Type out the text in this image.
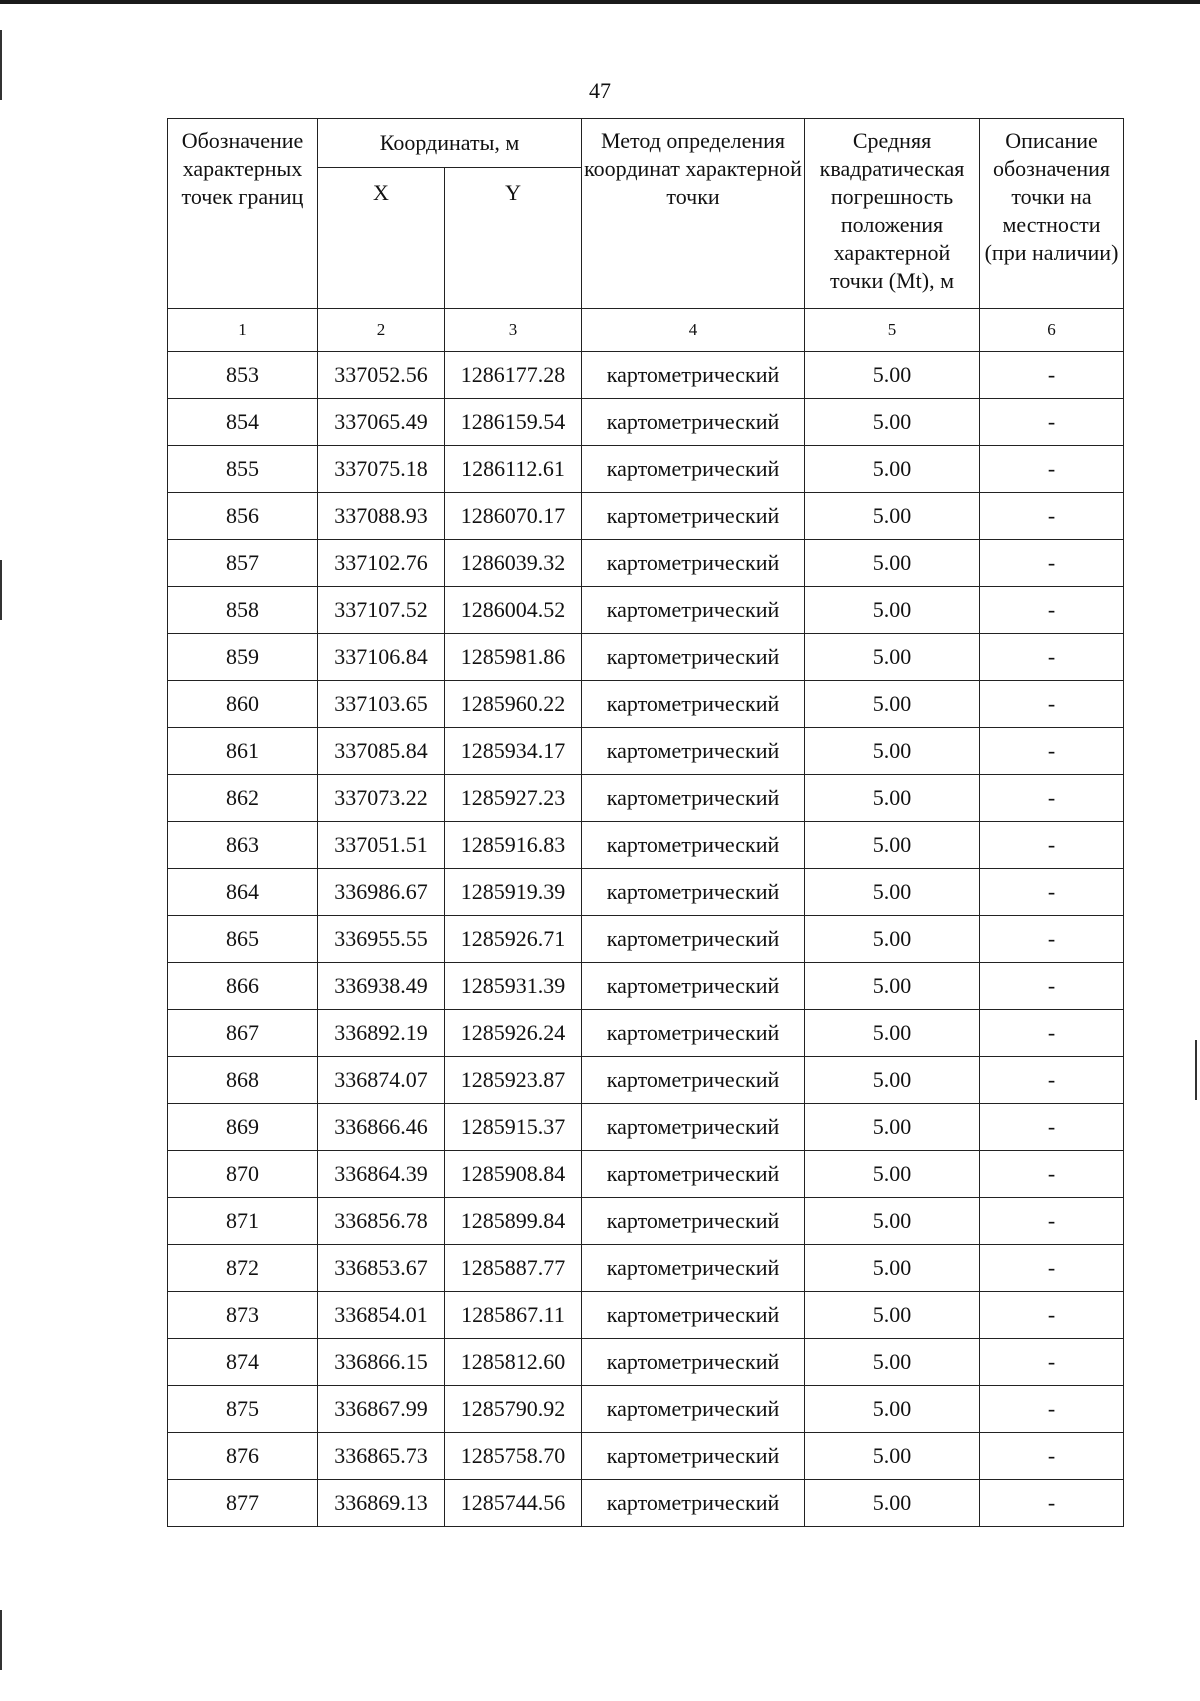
47
Обозначение характерных точек границ	Координаты, м		Метод определения координат характерной точки	Средняя квадратическая погрешность положения характерной точки (Mt), м	Описание обозначения точки на местности (при наличии)
	X	Y			
1	2	3	4	5	6
853	337052.56	1286177.28	картометрический	5.00	-
854	337065.49	1286159.54	картометрический	5.00	-
855	337075.18	1286112.61	картометрический	5.00	-
856	337088.93	1286070.17	картометрический	5.00	-
857	337102.76	1286039.32	картометрический	5.00	-
858	337107.52	1286004.52	картометрический	5.00	-
859	337106.84	1285981.86	картометрический	5.00	-
860	337103.65	1285960.22	картометрический	5.00	-
861	337085.84	1285934.17	картометрический	5.00	-
862	337073.22	1285927.23	картометрический	5.00	-
863	337051.51	1285916.83	картометрический	5.00	-
864	336986.67	1285919.39	картометрический	5.00	-
865	336955.55	1285926.71	картометрический	5.00	-
866	336938.49	1285931.39	картометрический	5.00	-
867	336892.19	1285926.24	картометрический	5.00	-
868	336874.07	1285923.87	картометрический	5.00	-
869	336866.46	1285915.37	картометрический	5.00	-
870	336864.39	1285908.84	картометрический	5.00	-
871	336856.78	1285899.84	картометрический	5.00	-
872	336853.67	1285887.77	картометрический	5.00	-
873	336854.01	1285867.11	картометрический	5.00	-
874	336866.15	1285812.60	картометрический	5.00	-
875	336867.99	1285790.92	картометрический	5.00	-
876	336865.73	1285758.70	картометрический	5.00	-
877	336869.13	1285744.56	картометрический	5.00	-
